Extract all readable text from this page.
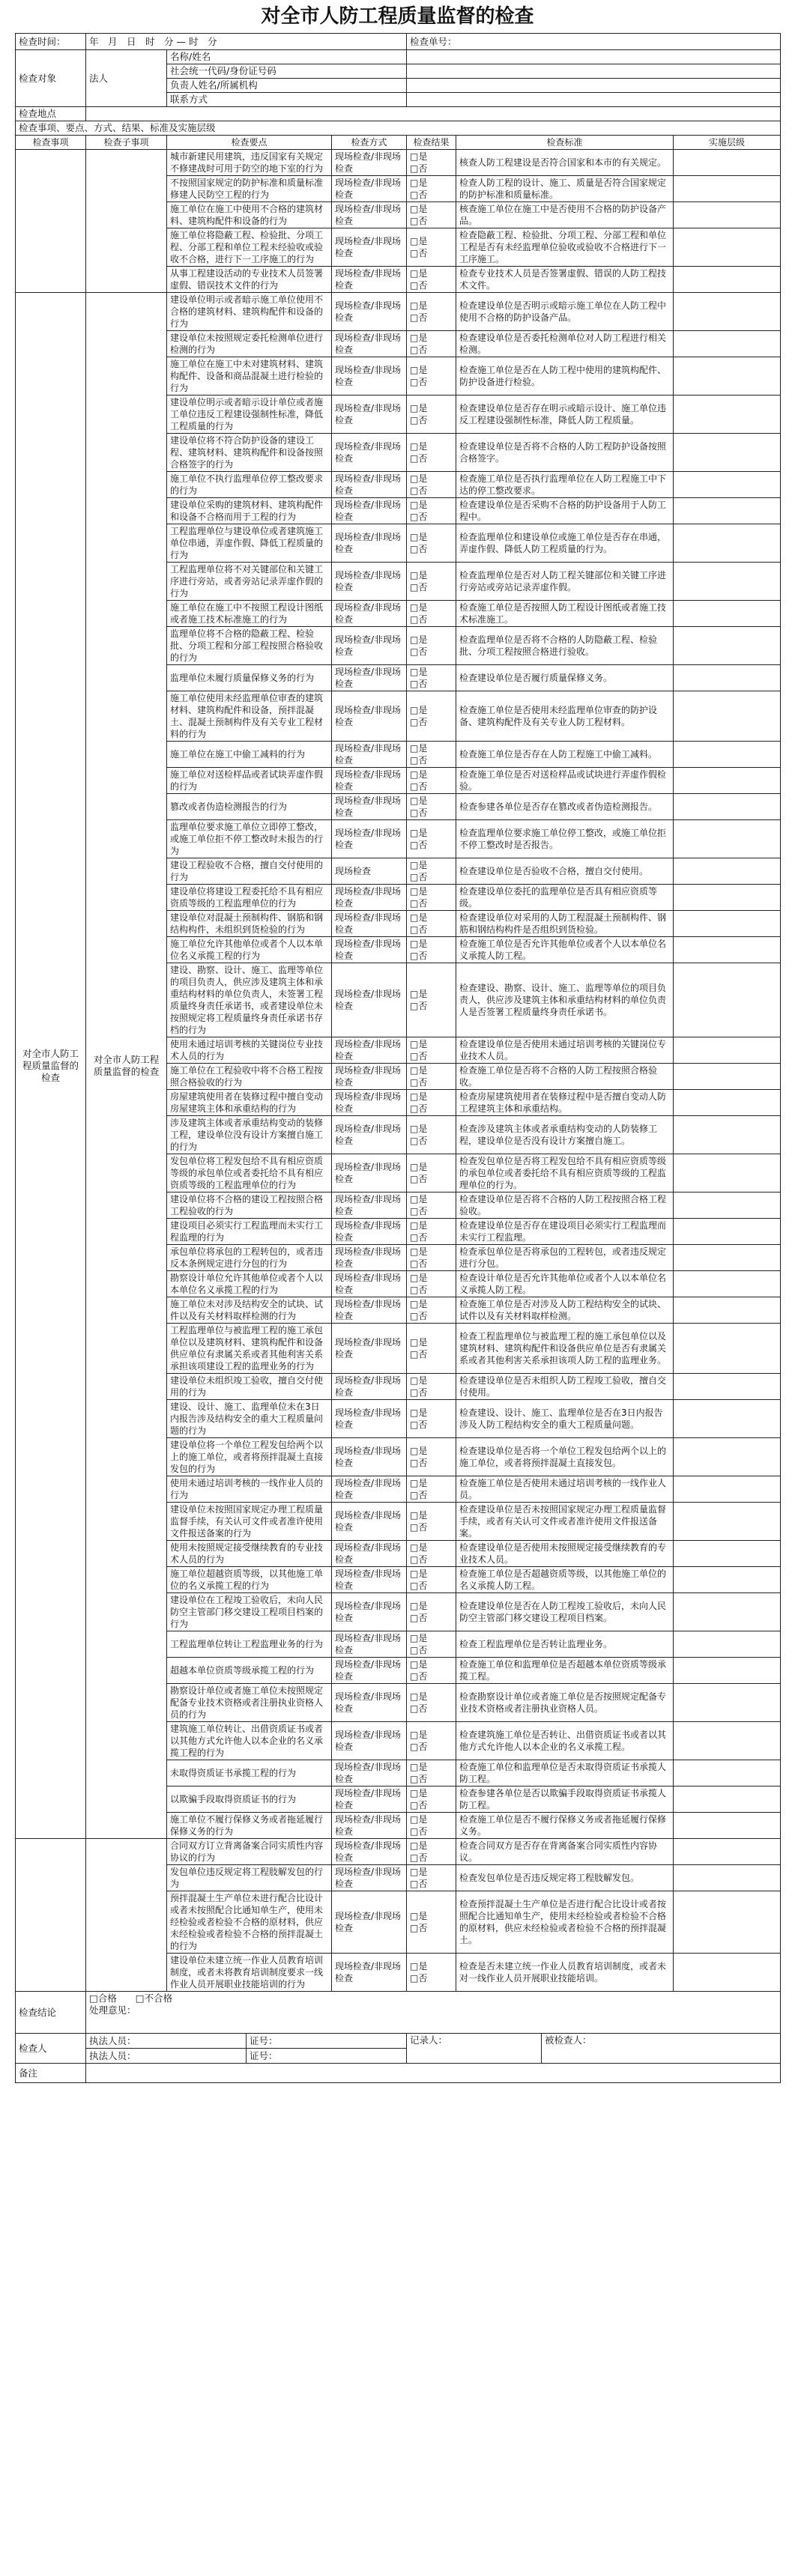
对全市人防工程质量监督的检查
检查时间：	年　月　日　时　分 — 时　分		检查单号：
检查对象	法人	名称/姓名	
		社会统一代码/身份证号码	
		负责人姓名/所属机构	
		联系方式	
检查地点			
检查事项、要点、方式、结果、标准及实施层级			
检查事项	检查子事项	检查要点	检查方式	检查结果	检查标准	实施层级
		城市新建民用建筑，违反国家有关规定不修建战时可用于防空的地下室的行为	现场检查/非现场检查	□是
□否	核查人防工程建设是否符合国家和本市的有关规定。	
		不按照国家规定的防护标准和质量标准修建人民防空工程的行为	现场检查/非现场检查	□是
□否	检查人防工程的设计、施工、质量是否符合国家规定的防护标准和质量标准。	
		施工单位在施工中使用不合格的建筑材料、建筑构配件和设备的行为	现场检查/非现场检查	□是
□否	核查施工单位在施工中是否使用不合格的防护设备产品。	
		施工单位将隐蔽工程、检验批、分项工程、分部工程和单位工程未经验收或验收不合格，进行下一工序施工的行为	现场检查/非现场检查	□是
□否	检查隐蔽工程、检验批、分项工程、分部工程和单位工程是否有未经监理单位验收或验收不合格进行下一工序施工。	
		从事工程建设活动的专业技术人员签署虚假、错误技术文件的行为	现场检查/非现场检查	□是
□否	检查专业技术人员是否签署虚假、错误的人防工程技术文件。	
对全市人防工程质量监督的检查	对全市人防工程质量监督的检查	建设单位明示或者暗示施工单位使用不合格的建筑材料、建筑构配件和设备的行为	现场检查/非现场检查	□是
□否	检查建设单位是否明示或暗示施工单位在人防工程中使用不合格的防护设备产品。	
		建设单位未按照规定委托检测单位进行检测的行为	现场检查/非现场检查	□是
□否	检查建设单位是否委托检测单位对人防工程进行相关检测。	
		施工单位在施工中未对建筑材料、建筑构配件、设备和商品混凝土进行检验的行为	现场检查/非现场检查	□是
□否	检查施工单位是否在人防工程中使用的建筑构配件、防护设备进行检验。	
		建设单位明示或者暗示设计单位或者施工单位违反工程建设强制性标准，降低工程质量的行为	现场检查/非现场检查	□是
□否	检查建设单位是否存在明示或暗示设计、施工单位违反工程建设强制性标准，降低人防工程质量。	
		建设单位将不符合防护设备的建设工程、建筑材料、建筑构配件和设备按照合格签字的行为	现场检查/非现场检查	□是
□否	检查建设单位是否将不合格的人防工程防护设备按照合格签字。	
		施工单位不执行监理单位停工整改要求的行为	现场检查/非现场检查	□是
□否	检查施工单位是否执行监理单位在人防工程施工中下达的停工整改要求。	
		建设单位采购的建筑材料、建筑构配件和设备不合格而用于工程的行为	现场检查/非现场检查	□是
□否	检查建设单位是否采购不合格的防护设备用于人防工程中。	
		工程监理单位与建设单位或者建筑施工单位串通，弄虚作假、降低工程质量的行为	现场检查/非现场检查	□是
□否	检查监理单位和建设单位或施工单位是否存在串通，弄虚作假、降低人防工程质量的行为。	
		工程监理单位将不对关键部位和关键工序进行旁站，或者旁站记录弄虚作假的行为	现场检查/非现场检查	□是
□否	检查监理单位是否对人防工程关键部位和关键工序进行旁站或旁站记录弄虚作假。	
		施工单位在施工中不按照工程设计图纸或者施工技术标准施工的行为	现场检查/非现场检查	□是
□否	检查施工单位是否按照人防工程设计图纸或者施工技术标准施工。	
		监理单位将不合格的隐蔽工程、检验批、分项工程和分部工程按照合格验收的行为	现场检查/非现场检查	□是
□否	检查监理单位是否将不合格的人防隐蔽工程、检验批、分项工程按照合格进行验收。	
		监理单位未履行质量保修义务的行为	现场检查/非现场检查	□是
□否	检查建设单位是否履行质量保修义务。	
		施工单位使用未经监理单位审查的建筑材料、建筑构配件和设备，预拌混凝土、混凝土预制构件及有关专业工程材料的行为	现场检查/非现场检查	□是
□否	检查施工单位是否使用未经监理单位审查的防护设备、建筑构配件及有关专业人防工程材料。	
		施工单位在施工中偷工减料的行为	现场检查/非现场检查	□是
□否	检查施工单位是否存在人防工程施工中偷工减料。	
		施工单位对送检样品或者试块弄虚作假的行为	现场检查/非现场检查	□是
□否	检查施工单位是否对送检样品或试块进行弄虚作假检验。	
		篡改或者伪造检测报告的行为	现场检查/非现场检查	□是
□否	检查参建各单位是否存在篡改或者伪造检测报告。	
		监理单位要求施工单位立即停工整改，或施工单位拒不停工整改时未报告的行为	现场检查/非现场检查	□是
□否	检查监理单位要求施工单位停工整改，或施工单位拒不停工整改时是否报告。	
		建设工程验收不合格，擅自交付使用的行为	现场检查	□是
□否	检查建设单位是否验收不合格，擅自交付使用。	
		建设单位将建设工程委托给不具有相应资质等级的工程监理单位的行为	现场检查/非现场检查	□是
□否	检查建设单位委托的监理单位是否具有相应资质等级。	
		建设单位对混凝土预制构件、钢筋和钢结构构件，未组织到货检验的行为	现场检查/非现场检查	□是
□否	检查建设单位对采用的人防工程混凝土预制构件、钢筋和钢结构构件是否组织到货检验。	
		施工单位允许其他单位或者个人以本单位名义承揽工程的行为	现场检查/非现场检查	□是
□否	检查施工单位是否允许其他单位或者个人以本单位名义承揽人防工程。	
		建设、勘察、设计、施工、监理等单位的项目负责人，供应涉及建筑主体和承重结构材料的单位负责人，未签署工程质量终身责任承诺书，或者建设单位未按照规定将工程质量终身责任承诺书存档的行为	现场检查/非现场检查	□是
□否	检查建设、勘察、设计、施工、监理等单位的项目负责人，供应涉及建筑主体和承重结构材料的单位负责人是否签署工程质量终身责任承诺书。	
		使用未通过培训考核的关键岗位专业技术人员的行为	现场检查/非现场检查	□是
□否	检查建设单位是否使用未通过培训考核的关键岗位专业技术人员。	
		施工单位在工程验收中将不合格工程按照合格验收的行为	现场检查/非现场检查	□是
□否	检查施工单位是否将不合格的人防工程按照合格验收。	
		房屋建筑使用者在装修过程中擅自变动房屋建筑主体和承重结构的行为	现场检查/非现场检查	□是
□否	检查房屋建筑使用者在装修过程中是否擅自变动人防工程建筑主体和承重结构。	
		涉及建筑主体或者承重结构变动的装修工程，建设单位没有设计方案擅自施工的行为	现场检查/非现场检查	□是
□否	检查涉及建筑主体或者承重结构变动的人防装修工程，建设单位是否没有设计方案擅自施工。	
		发包单位将工程发包给不具有相应资质等级的承包单位或者委托给不具有相应资质等级的工程监理单位的行为	现场检查/非现场检查	□是
□否	检查发包单位是否将工程发包给不具有相应资质等级的承包单位或者委托给不具有相应资质等级的工程监理单位的行为。	
		建设单位将不合格的建设工程按照合格工程验收的行为	现场检查/非现场检查	□是
□否	检查建设单位是否将不合格的人防工程按照合格工程验收。	
		建设项目必须实行工程监理而未实行工程监理的行为	现场检查/非现场检查	□是
□否	检查建设单位是否存在建设项目必须实行工程监理而未实行工程监理。	
		承包单位将承包的工程转包的，或者违反本条例规定进行分包的行为	现场检查/非现场检查	□是
□否	检查承包单位是否将承包的工程转包，或者违反规定进行分包。	
		勘察设计单位允许其他单位或者个人以本单位名义承揽工程的行为	现场检查/非现场检查	□是
□否	检查设计单位是否允许其他单位或者个人以本单位名义承揽人防工程。	
		施工单位未对涉及结构安全的试块、试件以及有关材料取样检测的行为	现场检查/非现场检查	□是
□否	检查施工单位是否对涉及人防工程结构安全的试块、试件以及有关材料取样检测。	
		工程监理单位与被监理工程的施工承包单位以及建筑材料、建筑构配件和设备供应单位有隶属关系或者其他利害关系承担该项建设工程的监理业务的行为	现场检查/非现场检查	□是
□否	检查工程监理单位与被监理工程的施工承包单位以及建筑材料、建筑构配件和设备供应单位是否有隶属关系或者其他利害关系承担该项人防工程的监理业务。	
		建设单位未组织竣工验收，擅自交付使用的行为	现场检查/非现场检查	□是
□否	检查建设单位是否未组织人防工程竣工验收，擅自交付使用。	
		建设、设计、施工、监理单位未在3日内报告涉及结构安全的重大工程质量问题的行为	现场检查/非现场检查	□是
□否	检查建设、设计、施工、监理单位是否在3日内报告涉及人防工程结构安全的重大工程质量问题。	
		建设单位将一个单位工程发包给两个以上的施工单位，或者将预拌混凝土直接发包的行为	现场检查/非现场检查	□是
□否	检查建设单位是否将一个单位工程发包给两个以上的施工单位，或者将预拌混凝土直接发包。	
		使用未通过培训考核的一线作业人员的行为	现场检查/非现场检查	□是
□否	检查施工单位是否使用未通过培训考核的一线作业人员。	
		建设单位未按照国家规定办理工程质量监督手续，有关认可文件或者准许使用文件报送备案的行为	现场检查/非现场检查	□是
□否	检查建设单位是否未按照国家规定办理工程质量监督手续，或者有关认可文件或者准许使用文件报送备案。	
		使用未按照规定接受继续教育的专业技术人员的行为	现场检查/非现场检查	□是
□否	检查建设单位是否使用未按照规定接受继续教育的专业技术人员。	
		施工单位超越资质等级，以其他施工单位的名义承揽工程的行为	现场检查/非现场检查	□是
□否	检查施工单位是否超越资质等级，以其他施工单位的名义承揽人防工程。	
		建设单位在工程竣工验收后，未向人民防空主管部门移交建设工程项目档案的行为	现场检查/非现场检查	□是
□否	检查建设单位是否在人防工程竣工验收后，未向人民防空主管部门移交建设工程项目档案。	
		工程监理单位转让工程监理业务的行为	现场检查/非现场检查	□是
□否	检查工程监理单位是否转让监理业务。	
		超越本单位资质等级承揽工程的行为	现场检查/非现场检查	□是
□否	检查施工单位和监理单位是否超越本单位资质等级承揽工程。	
		勘察设计单位或者施工单位未按照规定配备专业技术资格或者注册执业资格人员的行为	现场检查/非现场检查	□是
□否	检查勘察设计单位或者施工单位是否按照规定配备专业技术资格或者注册执业资格人员。	
		建筑施工单位转让、出借资质证书或者以其他方式允许他人以本企业的名义承揽工程的行为	现场检查/非现场检查	□是
□否	检查建筑施工单位是否转让、出借资质证书或者以其他方式允许他人以本企业的名义承揽工程。	
		未取得资质证书承揽工程的行为	现场检查/非现场检查	□是
□否	检查施工单位和监理单位是否未取得资质证书承揽人防工程。	
		以欺骗手段取得资质证书的行为	现场检查/非现场检查	□是
□否	检查参建各单位是否以欺骗手段取得资质证书承揽人防工程。	
		施工单位不履行保修义务或者拖延履行保修义务的行为	现场检查/非现场检查	□是
□否	检查施工单位是否不履行保修义务或者拖延履行保修义务。	
		合同双方订立背离备案合同实质性内容协议的行为	现场检查/非现场检查	□是
□否	检查合同双方是否存在背离备案合同实质性内容协议。	
		发包单位违反规定将工程肢解发包的行为	现场检查/非现场检查	□是
□否	检查发包单位是否违反规定将工程肢解发包。	
		预拌混凝土生产单位未进行配合比设计或者未按照配合比通知单生产，使用未经检验或者检验不合格的原材料，供应未经检验或者检验不合格的预拌混凝土的行为	现场检查/非现场检查	□是
□否	检查预拌混凝土生产单位是否进行配合比设计或者按照配合比通知单生产，使用未经检验或者检验不合格的原材料，供应未经检验或者检验不合格的预拌混凝土。	
		建设单位未建立统一作业人员教育培训制度，或者未将教育培训制度要求一线作业人员开展职业技能培训的行为	现场检查/非现场检查	□是
□否	检查是否未建立统一作业人员教育培训制度，或者未对一线作业人员开展职业技能培训。	
检查结论	□合格　　□不合格
处理意见：			
检查人	执法人员：	证号：	记录人：	被检查人：
	执法人员：	证号：		
备注				
